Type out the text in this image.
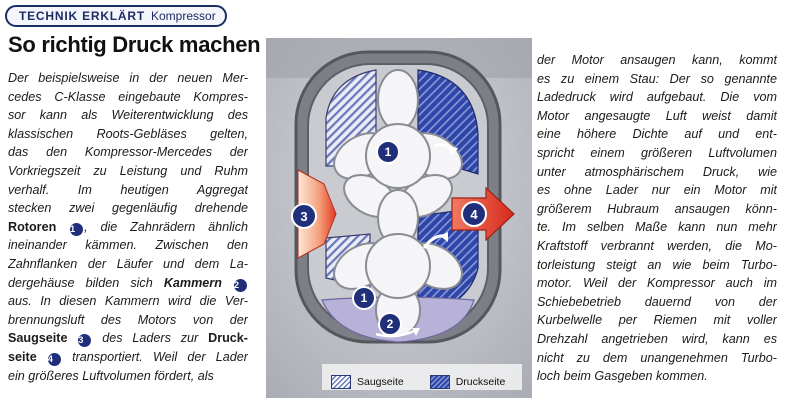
TECHNIK ERKLÄRT Kompressor
So richtig Druck machen
Der beispielsweise in der neuen Mer-
cedes C-Klasse eingebaute Kompres-
sor kann als Weiterentwicklung des
klassischen Roots-Gebläses gelten,
das den Kompressor-Mercedes der
Vorkriegszeit zu Leistung und Ruhm
verhalf. Im heutigen Aggregat
stecken zwei gegenläufig drehende
Rotoren 1 , die Zahnrädern ähnlich
ineinander kämmen. Zwischen den
Zahnflanken der Läufer und dem La-
dergehäuse bilden sich Kammern 2
aus. In diesen Kammern wird die Ver-
brennungsluft des Motors von der
Saugseite 3 des Laders zur Druck-
seite 4 transportiert. Weil der Lader
ein größeres Luftvolumen fördert, als
1
3	4
1
2
Saugseite	Druckseite
der Motor ansaugen kann, kommt
es zu einem Stau: Der so genannte
Ladedruck wird aufgebaut. Die vom
Motor angesaugte Luft weist damit
eine höhere Dichte auf und ent-
spricht einem größeren Luftvolumen
unter atmosphärischem Druck, wie
es ohne Lader nur ein Motor mit
größerem Hubraum ansaugen könn-
te. Im selben Maße kann nun mehr
Kraftstoff verbrannt werden, die Mo-
torleistung steigt an wie beim Turbo-
motor. Weil der Kompressor auch im
Schiebebetrieb dauernd von der
Kurbelwelle per Riemen mit voller
Drehzahl angetrieben wird, kann es
nicht zu dem unangenehmen Turbo-
loch beim Gasgeben kommen.
